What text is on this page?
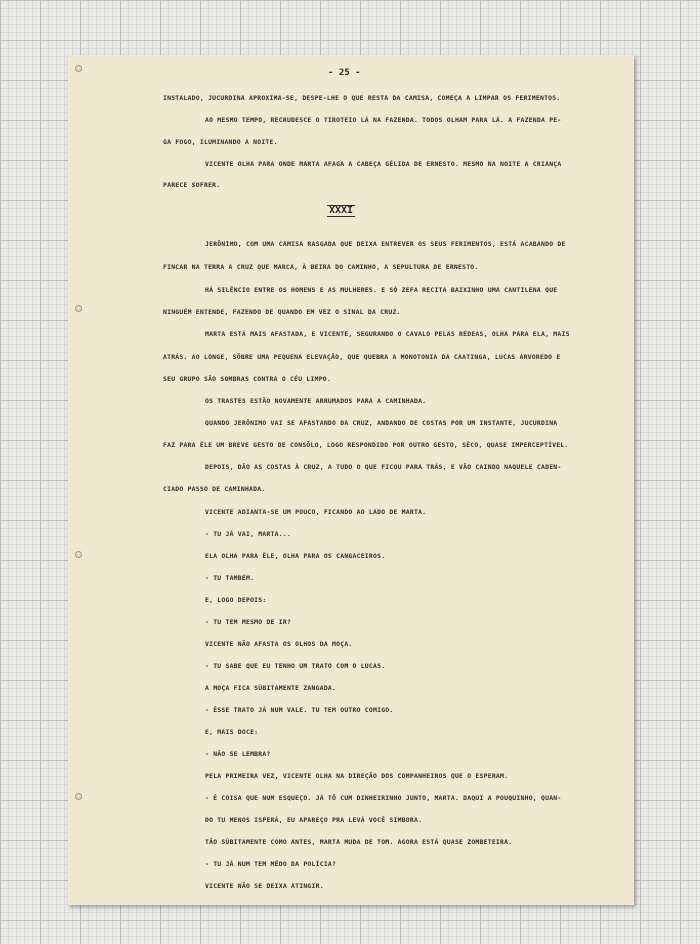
- 25 -
XXXI
INSTALADO, JUCURDINA APROXIMA-SE, DESPE-LHE O QUE RESTA DA CAMISA, COMEÇA A LIMPAR OS FERIMENTOS.
AO MESMO TEMPO, RECRUDESCE O TIROTEIO LÁ NA FAZENDA. TODOS OLHAM PARA LÁ. A FAZENDA PE-
GA FOGO, ILUMINANDO A NOITE.
VICENTE OLHA PARA ONDE MARTA AFAGA A CABEÇA GÉLIDA DE ERNESTO. MESMO NA NOITE A CRIANÇA
PARECE SOFRER.
JERÔNIMO, COM UMA CAMISA RASGADA QUE DEIXA ENTREVER OS SEUS FERIMENTOS, ESTÁ ACABANDO DE
FINCAR NA TERRA A CRUZ QUE MARCA, À BEIRA DO CAMINHO, A SEPULTURA DE ERNESTO.
HÁ SILÊNCIO ENTRE OS HOMENS E AS MULHERES. E SÓ ZEFA RECITA BAIXINHO UMA CANTILENA QUE
NINGUÉM ENTENDE, FAZENDO DE QUANDO EM VEZ O SINAL DA CRUZ.
MARTA ESTÁ MAIS AFASTADA, E VICENTE, SEGURANDO O CAVALO PELAS RÉDEAS, OLHA PARA ELA, MAIS
ATRÁS. AO LONGE, SÔBRE UMA PEQUENA ELEVAÇÃO, QUE QUEBRA A MONOTONIA DA CAATINGA, LUCAS ARVOREDO E
SEU GRUPO SÃO SOMBRAS CONTRA O CÉU LIMPO.
OS TRASTES ESTÃO NOVAMENTE ARRUMADOS PARA A CAMINHADA.
QUANDO JERÔNIMO VAI SE AFASTANDO DA CRUZ, ANDANDO DE COSTAS POR UM INSTANTE, JUCURDINA
FAZ PARA ÊLE UM BREVE GESTO DE CONSÔLO, LOGO RESPONDIDO POR OUTRO GESTO, SÊCO, QUASE IMPERCEPTÍVEL.
DEPOIS, DÃO AS COSTAS À CRUZ, A TUDO O QUE FICOU PARA TRÁS, E VÃO CAINDO NAQUELE CADEN-
CIADO PASSO DE CAMINHADA.
VICENTE ADIANTA-SE UM POUCO, FICANDO AO LADO DE MARTA.
- TU JÁ VAI, MARTA...
ELA OLHA PARA ÊLE, OLHA PARA OS CANGACEIROS.
- TU TAMBÉM.
E, LOGO DEPOIS:
- TU TEM MESMO DE IR?
VICENTE NÃO AFASTA OS OLHOS DA MOÇA.
- TU SABE QUE EU TENHO UM TRATO COM O LUCAS.
A MOÇA FICA SÙBITAMENTE ZANGADA.
- ÊSSE TRATO JÁ NUM VALE. TU TEM OUTRO COMIGO.
E, MAIS DOCE:
- NÃO SE LEMBRA?
PELA PRIMEIRA VEZ, VICENTE OLHA NA DIREÇÃO DOS COMPANHEIROS QUE O ESPERAM.
- É COISA QUE NUM ESQUEÇO. JÁ TÔ CUM DINHEIRINHO JUNTO, MARTA. DAQUI A POUQUINHO, QUAN-
DO TU MENOS ISPERÁ, EU APAREÇO PRA LEVÁ VOCÊ SIMBORA.
TÃO SÙBITAMENTE COMO ANTES, MARTA MUDA DE TOM. AGORA ESTÁ QUASE ZOMBETEIRA.
- TU JÁ NUM TEM MÊDO DA POLÍCIA?
VICENTE NÃO SE DEIXA ATINGIR.
